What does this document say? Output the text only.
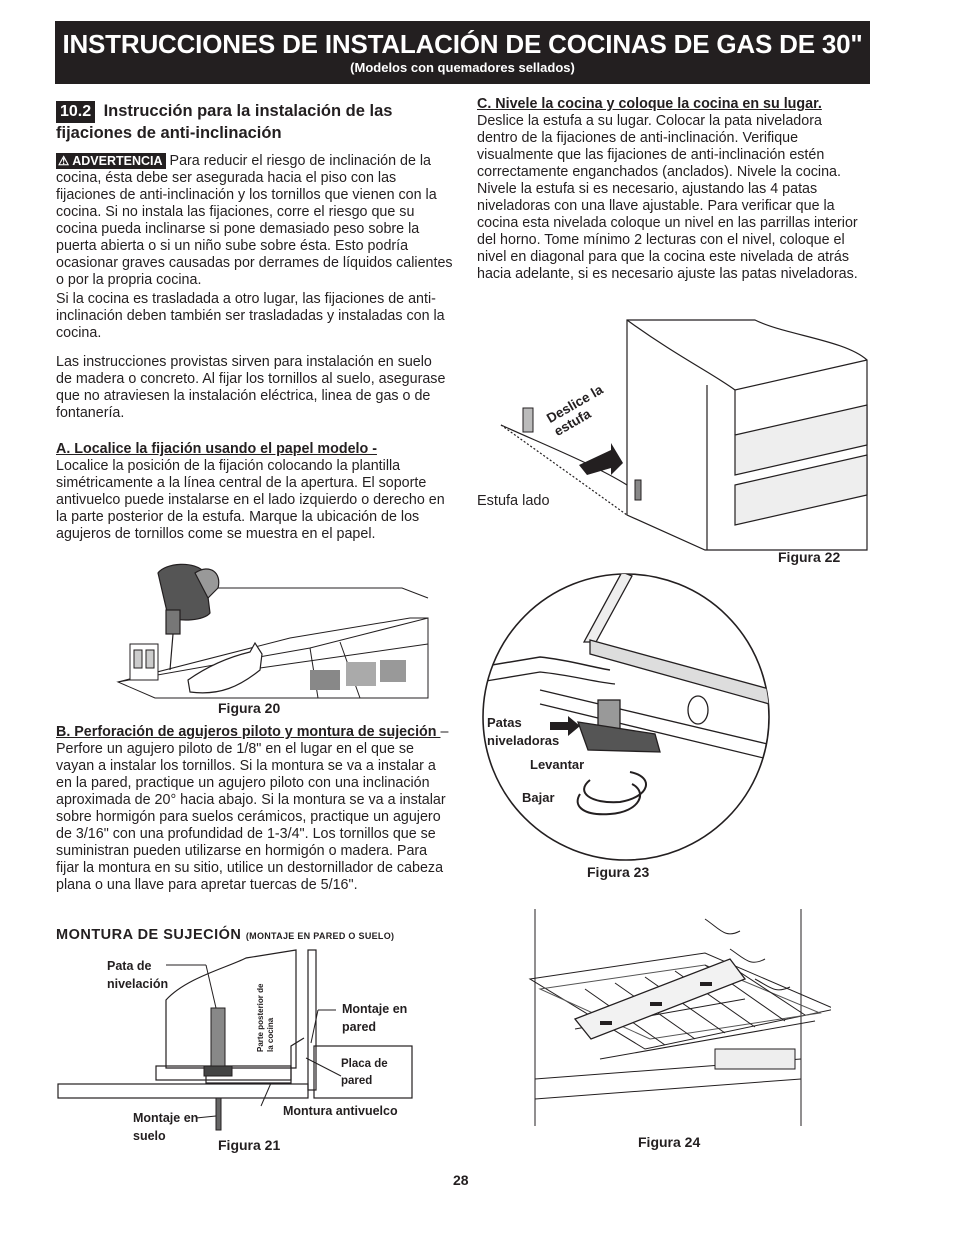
INSTRUCCIONES DE INSTALACIÓN DE COCINAS DE GAS DE 30"
(Modelos con quemadores sellados)
10.2 Instrucción para la instalación de las fijaciones de anti-inclinación

⚠ ADVERTENCIA Para reducir el riesgo de inclinación de la cocina, ésta debe ser asegurada hacia el piso con las fijaciones de anti-inclinación y los tornillos que vienen con la cocina. Si no instala las fijaciones, corre el riesgo que su cocina pueda inclinarse si pone demasiado peso sobre la puerta abierta o si un niño sube sobre ésta. Esto podría ocasionar graves causadas por derrames de líquidos calientes o por la propria cocina.

Si la cocina es trasladada a otro lugar, las fijaciones de anti-inclinación deben también ser trasladadas y instaladas con la cocina.

Las instrucciones provistas sirven para instalación en suelo de madera o concreto. Al fijar los tornillos al suelo, asegurase que no atraviesen la instalación eléctrica, linea de gas o de fontanería.

A. Localice la fijación usando el papel modelo -
Localice la posición de la fijación colocando la plantilla simétricamente a la línea central de la apertura. El soporte antivuelco puede instalarse en el lado izquierdo o derecho en la parte posterior de la estufa. Marque la ubicación de los agujeros de tornillos come se muestra en el papel.

Figura 20

B. Perforación de agujeros piloto y montura de sujeción – Perfore un agujero piloto de 1/8" en el lugar en el que se vayan a instalar los tornillos. Si la montura se va a instalar a en la pared, practique un agujero piloto con una inclinación aproximada de 20° hacia abajo. Si la montura se va a instalar sobre hormigón para suelos cerámicos, practique un agujero de 3/16" con una profundidad de 1-3/4". Los tornillos que se suministran pueden utilizarse en hormigón o madera. Para fijar la montura en su sitio, utilice un destornillador de cabeza plana o una llave para apretar tuercas de 5/16".

MONTURA DE SUJECIÓN (MONTAJE EN PARED O SUELO)
Pata de nivelación	Parte posterior de la cocina
Montaje en pared
Placa de pared
Montaje en suelo
Montura antivuelco
Figura 21

C. Nivele la cocina y coloque la cocina en su lugar.
Deslice la estufa a su lugar. Colocar la pata niveladora dentro de la fijaciones de anti-inclinación. Verifique visualmente que las fijaciones de anti-inclinación estén correctamente enganchados (anclados). Nivele la cocina. Nivele la estufa si es necesario, ajustando las 4 patas niveladoras con una llave ajustable. Para verificar que la cocina esta nivelada coloque un nivel en las parrillas interior del horno. Tome mínimo 2 lecturas con el nivel, coloque el nivel en diagonal para que la cocina este nivelada de atrás hacia adelante, si es necesario ajuste las patas niveladoras.

Deslice la estufa
Estufa lado
Figura 22
Patas niveladoras
Levantar
Bajar
Figura 23
Figura 24
28
